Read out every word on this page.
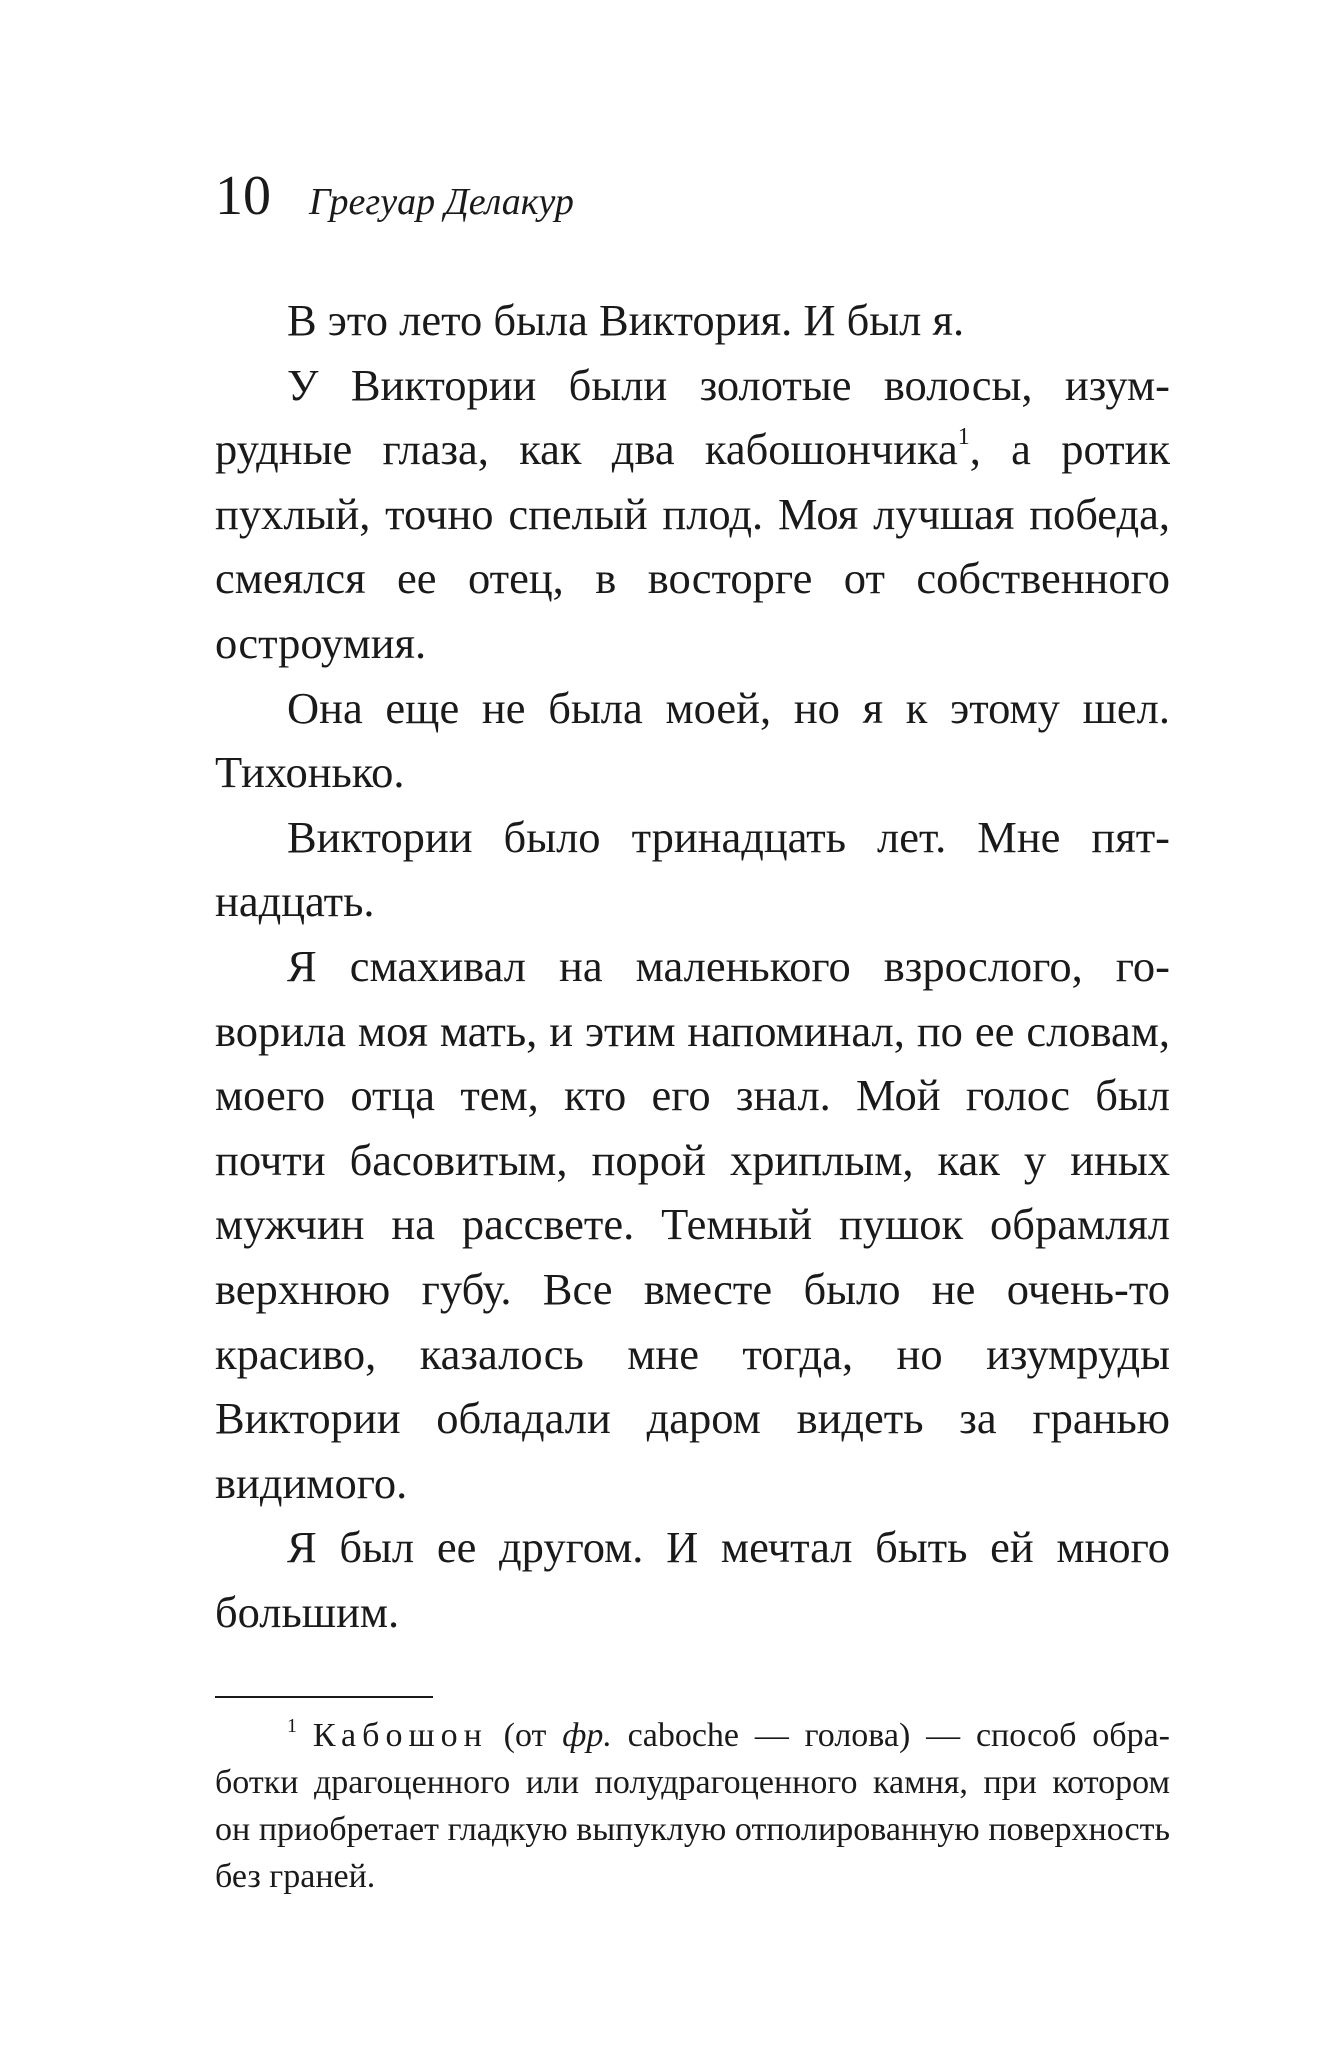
10 Грегуар Делакур

В это лето была Виктория. И был я.

У Виктории были золотые волосы, изумрудные глаза, как два кабошончика$^1$, а ротик пухлый, точно спелый плод. Моя лучшая победа, смеялся ее отец, в восторге от собственного остроумия.

Она еще не была моей, но я к этому шел. Тихонько.

Виктории было тринадцать лет. Мне пятнадцать.

Я смахивал на маленького взрослого, говорила моя мать, и этим напоминал, по ее словам, моего отца тем, кто его знал. Мой голос был почти басовитым, порой хриплым, как у иных мужчин на рассвете. Темный пушок обрамлял верхнюю губу. Все вместе было не очень-то красиво, казалось мне тогда, но изумруды Виктории обладали даром видеть за гранью видимого.

Я был ее другом. И мечтал быть ей много большим.

$^1$ Кабошон (от фр. caboche — голова) — способ обработки драгоценного или полудрагоценного камня, при котором он приобретает гладкую выпуклую отполированную поверхность без граней.
